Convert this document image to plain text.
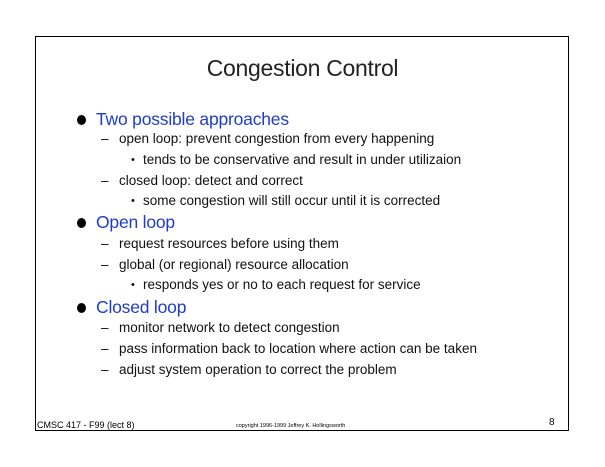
Congestion Control
Two possible approaches
– open loop: prevent congestion from every happening
• tends to be conservative and result in under utilizaion
– closed loop: detect and correct
• some congestion will still occur until it is corrected
Open loop
– request resources before using them
– global (or regional) resource allocation
• responds yes or no to each request for service
Closed loop
– monitor network to detect congestion
– pass information back to location where action can be taken
– adjust system operation to correct the problem
CMSC 417 - F99 (lect 8)	copyright 1996-1999 Jeffrey K. Hollingsworth	8
